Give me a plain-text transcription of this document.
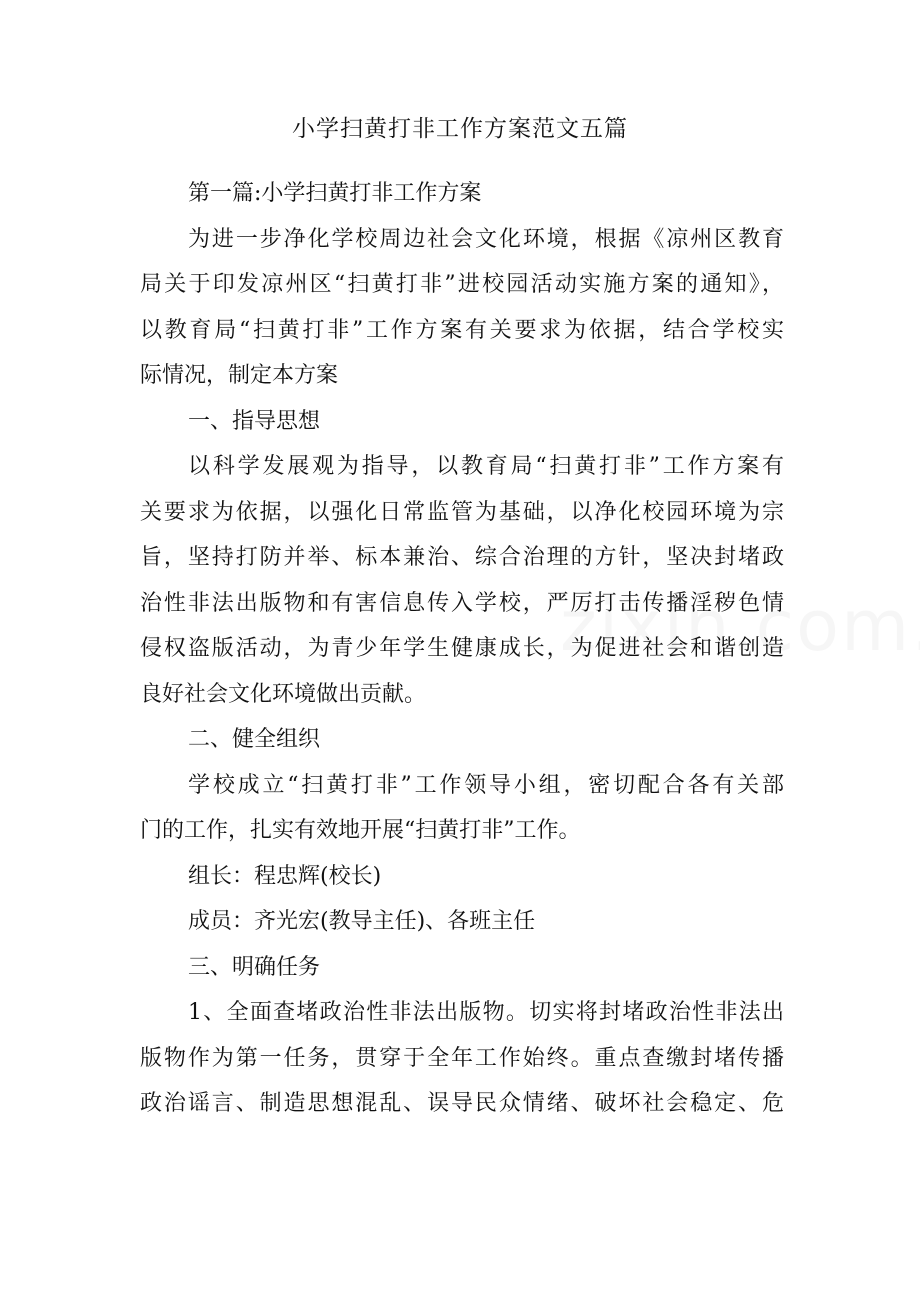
小学扫黄打非工作方案范文五篇
第一篇:小学扫黄打非工作方案
为进一步净化学校周边社会文化环境，根据《凉州区教育
局关于印发凉州区“扫黄打非”进校园活动实施方案的通知》，
以教育局“扫黄打非”工作方案有关要求为依据，结合学校实
际情况，制定本方案
一、指导思想
以科学发展观为指导，以教育局“扫黄打非”工作方案有
关要求为依据，以强化日常监管为基础，以净化校园环境为宗
旨，坚持打防并举、标本兼治、综合治理的方针，坚决封堵政
治性非法出版物和有害信息传入学校，严厉打击传播淫秽色情
侵权盗版活动，为青少年学生健康成长，为促进社会和谐创造
良好社会文化环境做出贡献。
二、健全组织
学校成立“扫黄打非”工作领导小组，密切配合各有关部
门的工作，扎实有效地开展“扫黄打非”工作。
组长：程忠辉(校长)
成员：齐光宏(教导主任)、各班主任
三、明确任务
1、全面查堵政治性非法出版物。切实将封堵政治性非法出
版物作为第一任务，贯穿于全年工作始终。重点查缴封堵传播
政治谣言、制造思想混乱、误导民众情绪、破坏社会稳定、危
